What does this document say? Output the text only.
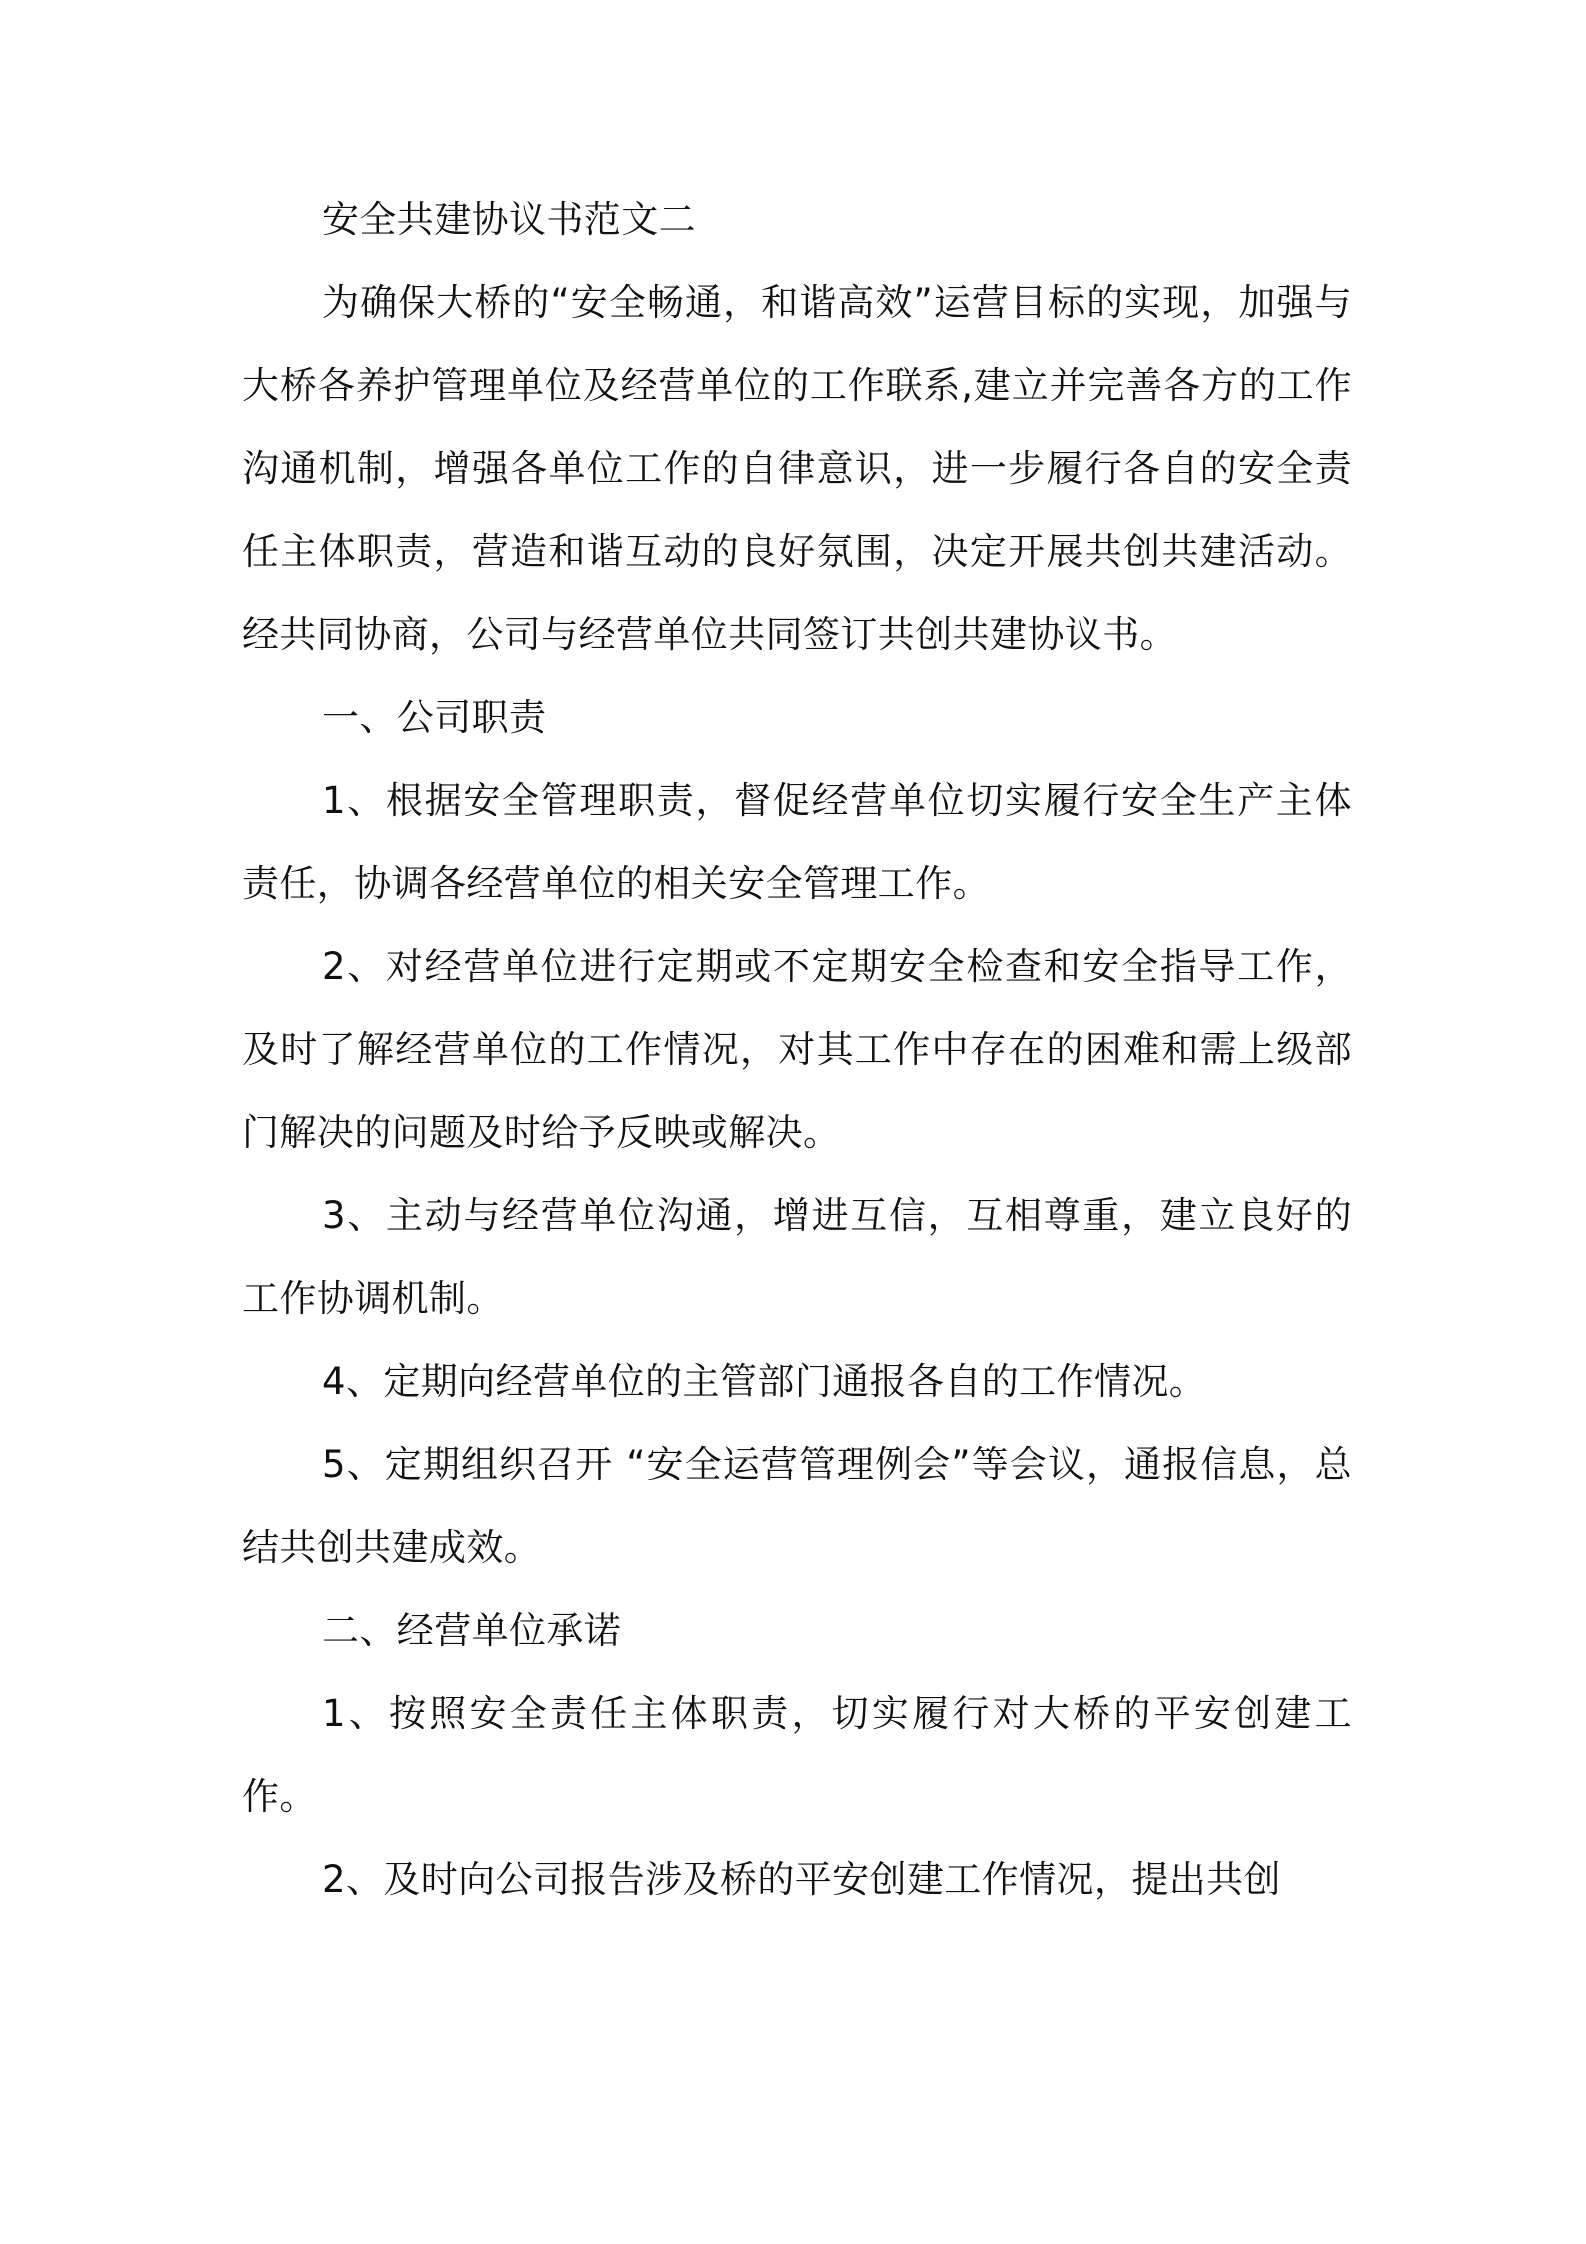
安全共建协议书范文二

为确保大桥的“安全畅通，和谐高效”运营目标的实现，加强与大桥各养护管理单位及经营单位的工作联系,建立并完善各方的工作沟通机制，增强各单位工作的自律意识，进一步履行各自的安全责任主体职责，营造和谐互动的良好氛围，决定开展共创共建活动。经共同协商，公司与经营单位共同签订共创共建协议书。

一、公司职责

1、根据安全管理职责，督促经营单位切实履行安全生产主体责任，协调各经营单位的相关安全管理工作。

2、对经营单位进行定期或不定期安全检查和安全指导工作，及时了解经营单位的工作情况，对其工作中存在的困难和需上级部门解决的问题及时给予反映或解决。

3、主动与经营单位沟通，增进互信，互相尊重，建立良好的工作协调机制。

4、定期向经营单位的主管部门通报各自的工作情况。

5、定期组织召开 “安全运营管理例会”等会议，通报信息，总结共创共建成效。

二、经营单位承诺

1、按照安全责任主体职责，切实履行对大桥的平安创建工作。

2、及时向公司报告涉及桥的平安创建工作情况，提出共创
